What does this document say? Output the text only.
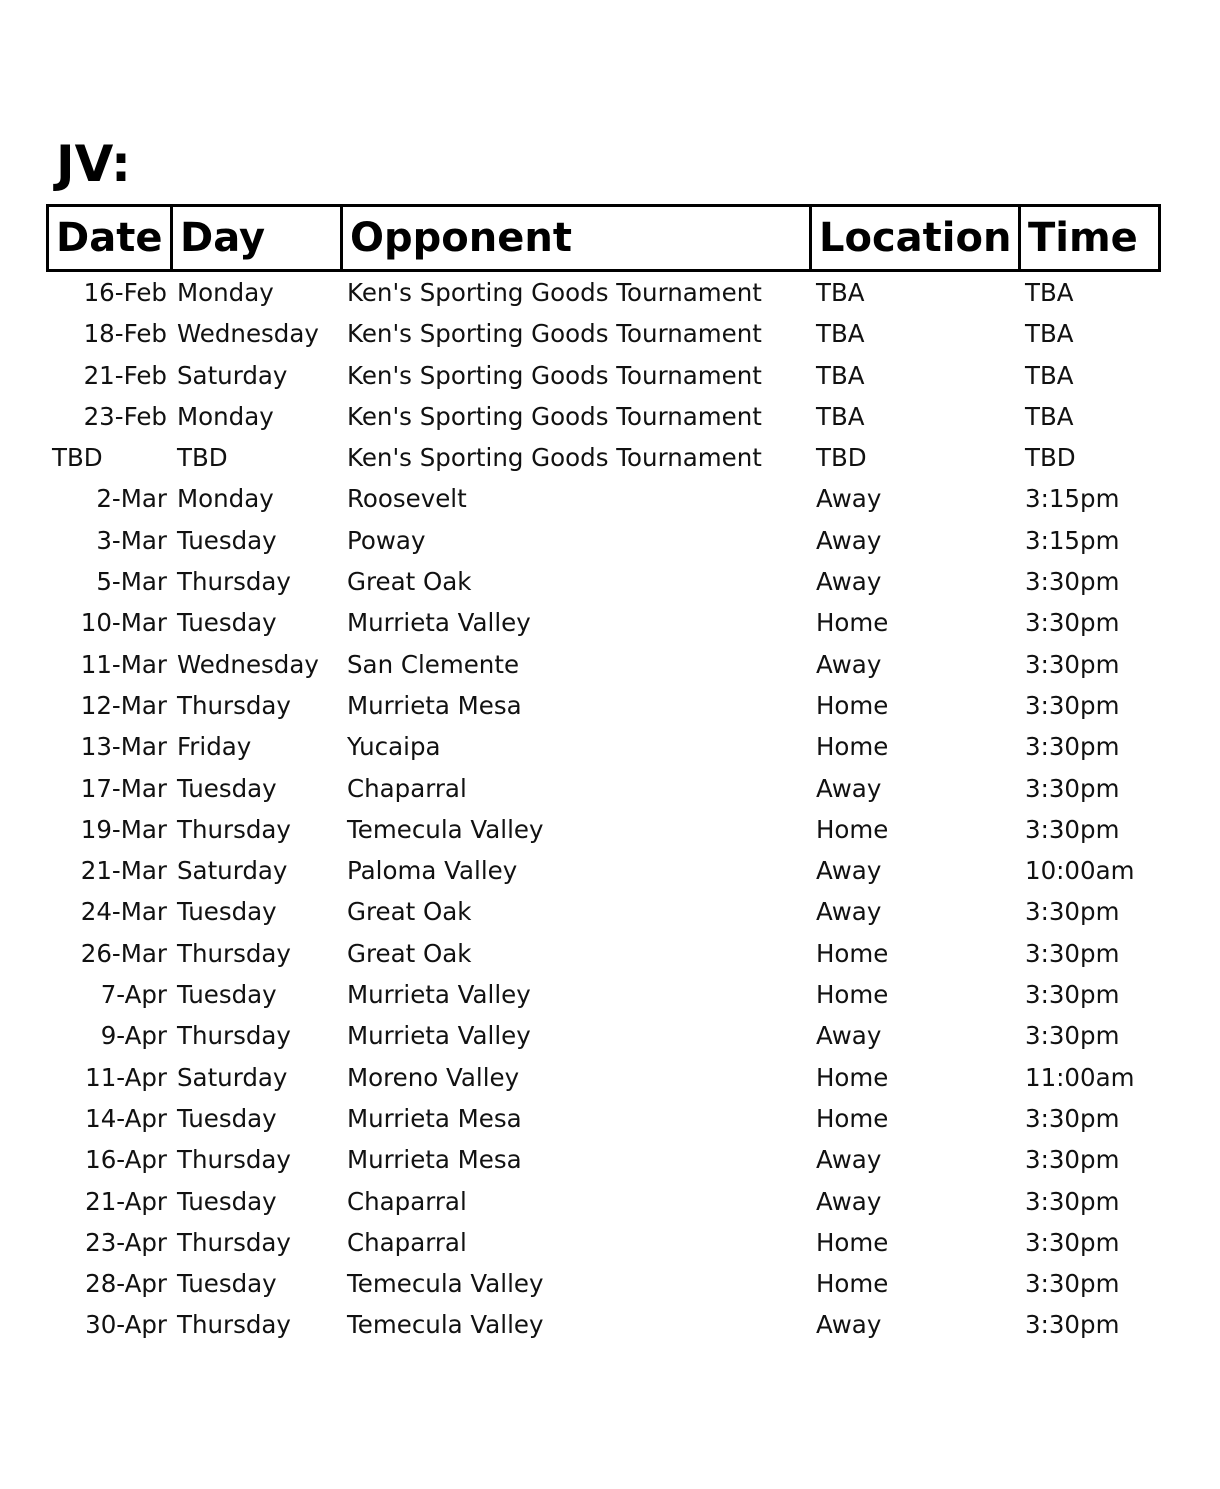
JV:
Date Day	Opponent	Location Time
16-Feb Monday	Ken's Sporting Goods Tournament	TBA	TBA
18-Feb Wednesday	Ken's Sporting Goods Tournament	TBA	TBA
21-Feb Saturday	Ken's Sporting Goods Tournament	TBA	TBA
23-Feb Monday	Ken's Sporting Goods Tournament	TBA	TBA
TBD	TBD	Ken's Sporting Goods Tournament	TBD	TBD
2-Mar Monday	Roosevelt	Away	3:15pm
3-Mar Tuesday	Poway	Away	3:15pm
5-Mar Thursday	Great Oak	Away	3:30pm
10-Mar Tuesday	Murrieta Valley	Home	3:30pm
11-Mar Wednesday	San Clemente	Away	3:30pm
12-Mar Thursday	Murrieta Mesa	Home	3:30pm
13-Mar Friday	Yucaipa	Home	3:30pm
17-Mar Tuesday	Chaparral	Away	3:30pm
19-Mar Thursday	Temecula Valley	Home	3:30pm
21-Mar Saturday	Paloma Valley	Away	10:00am
24-Mar Tuesday	Great Oak	Away	3:30pm
26-Mar Thursday	Great Oak	Home	3:30pm
7-Apr Tuesday	Murrieta Valley	Home	3:30pm
9-Apr Thursday	Murrieta Valley	Away	3:30pm
11-Apr Saturday	Moreno Valley	Home	11:00am
14-Apr Tuesday	Murrieta Mesa	Home	3:30pm
16-Apr Thursday	Murrieta Mesa	Away	3:30pm
21-Apr Tuesday	Chaparral	Away	3:30pm
23-Apr Thursday	Chaparral	Home	3:30pm
28-Apr Tuesday	Temecula Valley	Home	3:30pm
30-Apr Thursday	Temecula Valley	Away	3:30pm
